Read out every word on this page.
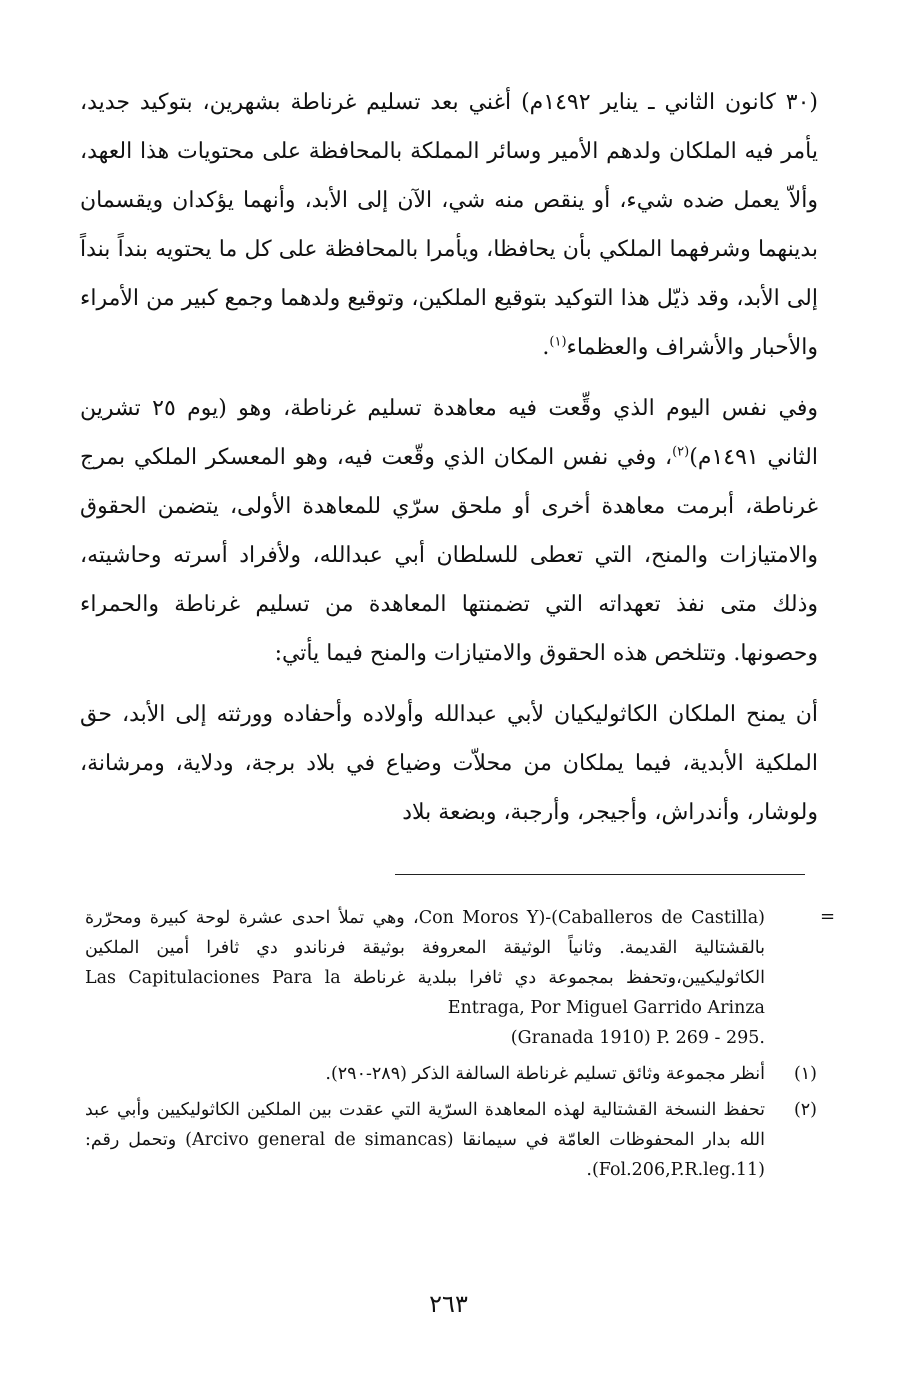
(٣٠ كانون الثاني ـ يناير ١٤٩٢م) أغني بعد تسليم غرناطة بشهرين، بتوكيد جديد، يأمر فيه الملكان ولدهم الأمير وسائر المملكة بالمحافظة على محتويات هذا العهد، وألاّ يعمل ضده شيء، أو ينقص منه شي، الآن إلى الأبد، وأنهما يؤكدان ويقسمان بدينهما وشرفهما الملكي بأن يحافظا، ويأمرا بالمحافظة على كل ما يحتويه بنداً بنداً إلى الأبد، وقد ذيّل هذا التوكيد بتوقيع الملكين، وتوقيع ولدهما وجمع كبير من الأمراء والأحبار والأشراف والعظماء$^{(١)}$.

وفي نفس اليوم الذي وقِّعت فيه معاهدة تسليم غرناطة، وهو (يوم ٢٥ تشرين الثاني ١٤٩١م)$^{(٢)}$، وفي نفس المكان الذي وقّعت فيه، وهو المعسكر الملكي بمرج غرناطة، أبرمت معاهدة أخرى أو ملحق سرّي للمعاهدة الأولى، يتضمن الحقوق والامتيازات والمنح، التي تعطى للسلطان أبي عبدالله، ولأفراد أسرته وحاشيته، وذلك متى نفذ تعهداته التي تضمنتها المعاهدة من تسليم غرناطة والحمراء وحصونها. وتتلخص هذه الحقوق والامتيازات والمنح فيما يأتي:

أن يمنح الملكان الكاثوليكيان لأبي عبدالله وأولاده وأحفاده وورثته إلى الأبد، حق الملكية الأبدية، فيما يملكان من محلاّت وضياع في بلاد برجة، ودلاية، ومرشانة، ولوشار، وأندراش، وأجيجر، وأرجبة، وبضعة بلاد

=

(Caballeros de Castilla)-(Con Moros Y، وهي تملأ احدى عشرة لوحة كبيرة ومحرّرة بالقشتالية القديمة. وثانياً الوثيقة المعروفة بوثيقة فرناندو دي ثافرا أمين الملكين الكاثوليكيين،وتحفظ بمجموعة دي ثافرا ببلدية غرناطة Las Capitulaciones Para la Entraga, Por Miguel Garrido Arinza
(Granada 1910) P. 269 - 295.

(١)
أنظر مجموعة وثائق تسليم غرناطة السالفة الذكر (٢٨٩-٢٩٠).

(٢)
تحفظ النسخة القشتالية لهذه المعاهدة السرّية التي عقدت بين الملكين الكاثوليكيين وأبي عبد الله بدار المحفوظات العامّة في سيمانقا (Arcivo general de simancas) وتحمل رقم: (Fol.206,P.R.leg.11).

٢٦٣
